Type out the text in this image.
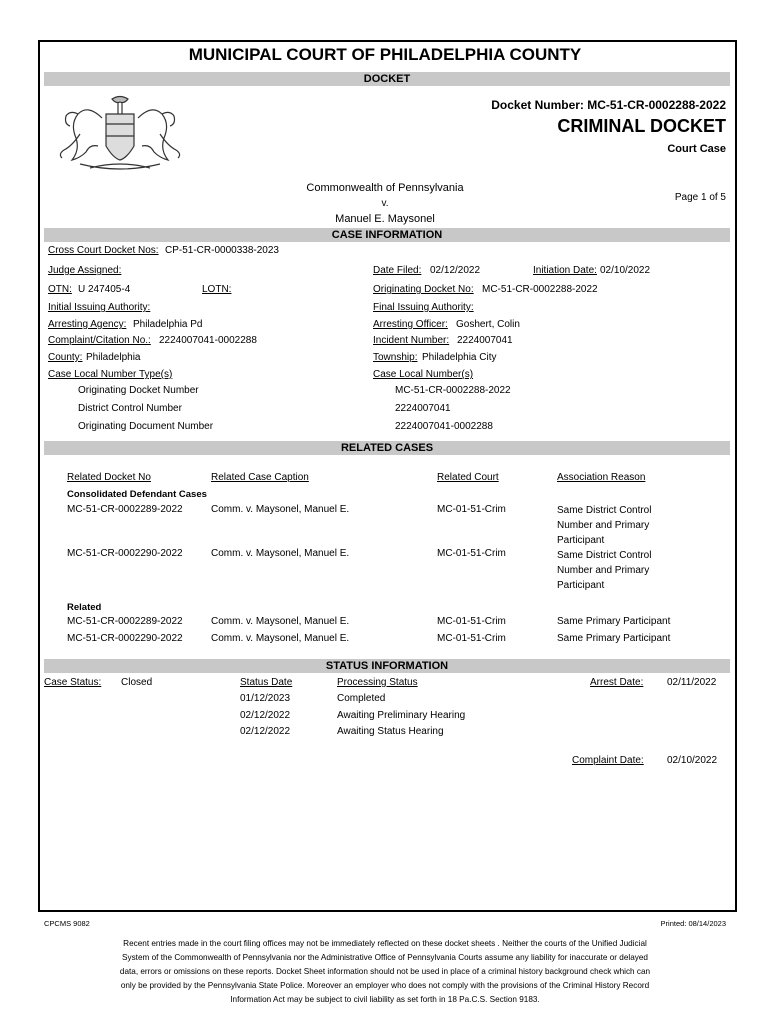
MUNICIPAL COURT OF PHILADELPHIA COUNTY
DOCKET
Docket Number: MC-51-CR-0002288-2022
CRIMINAL DOCKET
Court Case
Commonwealth of Pennsylvania
v.
Manuel E. Maysonel
Page 1 of 5
CASE INFORMATION
Cross Court Docket Nos: CP-51-CR-0000338-2023
Judge Assigned:	Date Filed: 02/12/2022	Initiation Date: 02/10/2022
OTN: U 247405-4	LOTN:	Originating Docket No: MC-51-CR-0002288-2022
Initial Issuing Authority:	Final Issuing Authority:
Arresting Agency: Philadelphia Pd	Arresting Officer: Goshert, Colin
Complaint/Citation No.: 2224007041-0002288	Incident Number: 2224007041
County: Philadelphia	Township: Philadelphia City
Case Local Number Type(s)	Case Local Number(s)
Originating Docket Number	MC-51-CR-0002288-2022
District Control Number	2224007041
Originating Document Number	2224007041-0002288
RELATED CASES
Related Docket No	Related Case Caption	Related Court	Association Reason
Consolidated Defendant Cases
MC-51-CR-0002289-2022	Comm. v. Maysonel, Manuel E.	MC-01-51-Crim	Same District Control
Number and Primary
Participant
MC-51-CR-0002290-2022	Comm. v. Maysonel, Manuel E.	MC-01-51-Crim	Same District Control
Number and Primary
Participant
Related
MC-51-CR-0002289-2022	Comm. v. Maysonel, Manuel E.	MC-01-51-Crim	Same Primary Participant
MC-51-CR-0002290-2022	Comm. v. Maysonel, Manuel E.	MC-01-51-Crim	Same Primary Participant
STATUS INFORMATION
Case Status: Closed	Status Date	Processing Status	Arrest Date: 02/11/2022
01/12/2023	Completed
02/12/2022	Awaiting Preliminary Hearing
02/12/2022	Awaiting Status Hearing
Complaint Date: 02/10/2022
CPCMS 9082	Printed: 08/14/2023
Recent entries made in the court filing offices may not be immediately reflected on these docket sheets . Neither the courts of the Unified Judicial
System of the Commonwealth of Pennsylvania nor the Administrative Office of Pennsylvania Courts assume any liability for inaccurate or delayed
data, errors or omissions on these reports. Docket Sheet information should not be used in place of a criminal history background check which can
only be provided by the Pennsylvania State Police. Moreover an employer who does not comply with the provisions of the Criminal History Record
Information Act may be subject to civil liability as set forth in 18 Pa.C.S. Section 9183.
